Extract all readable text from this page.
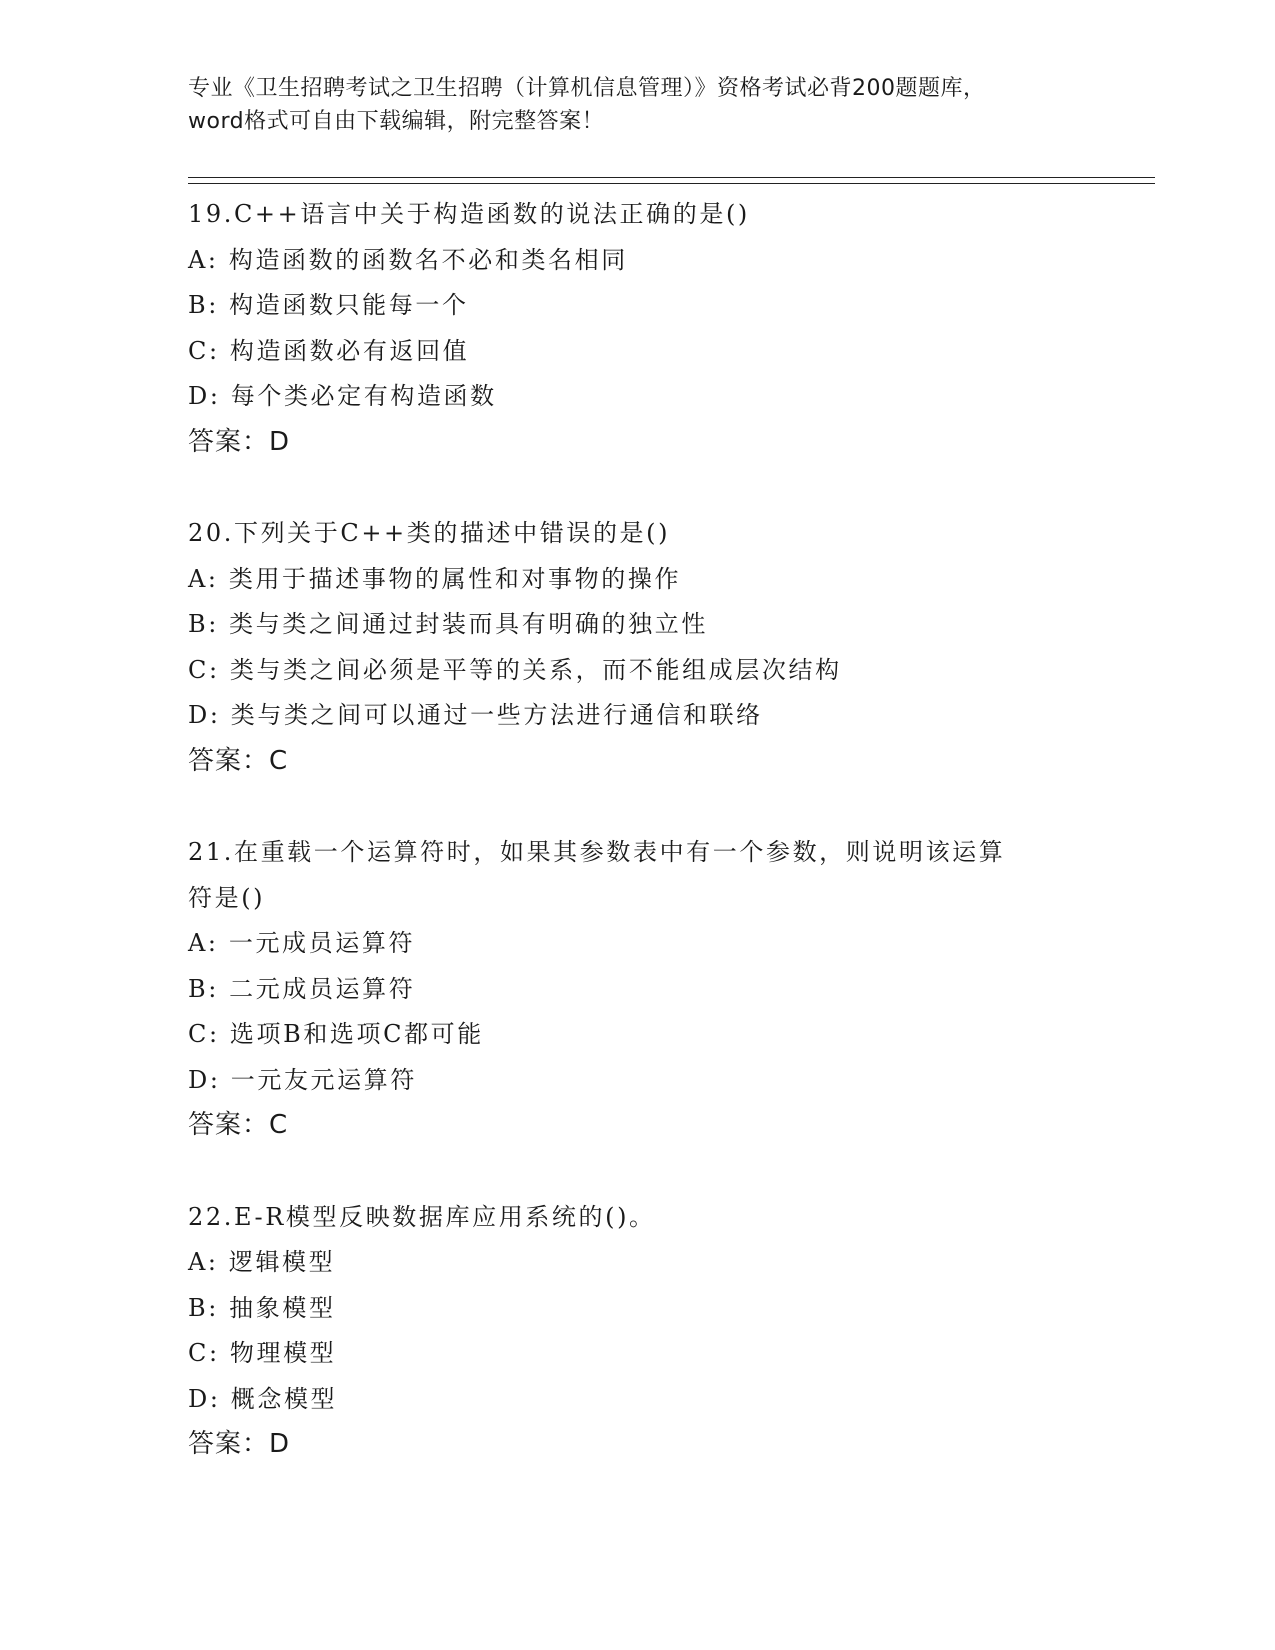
专业《卫生招聘考试之卫生招聘（计算机信息管理）》资格考试必背200题题库，
word格式可自由下载编辑，附完整答案！
19.C++语言中关于构造函数的说法正确的是()
A: 构造函数的函数名不必和类名相同
B: 构造函数只能每一个
C: 构造函数必有返回值
D: 每个类必定有构造函数
答案：D
20.下列关于C++类的描述中错误的是()
A: 类用于描述事物的属性和对事物的操作
B: 类与类之间通过封装而具有明确的独立性
C: 类与类之间必须是平等的关系，而不能组成层次结构
D: 类与类之间可以通过一些方法进行通信和联络
答案：C
21.在重载一个运算符时，如果其参数表中有一个参数，则说明该运算
符是()
A: 一元成员运算符
B: 二元成员运算符
C: 选项B和选项C都可能
D: 一元友元运算符
答案：C
22.E-R模型反映数据库应用系统的()。
A: 逻辑模型
B: 抽象模型
C: 物理模型
D: 概念模型
答案：D
